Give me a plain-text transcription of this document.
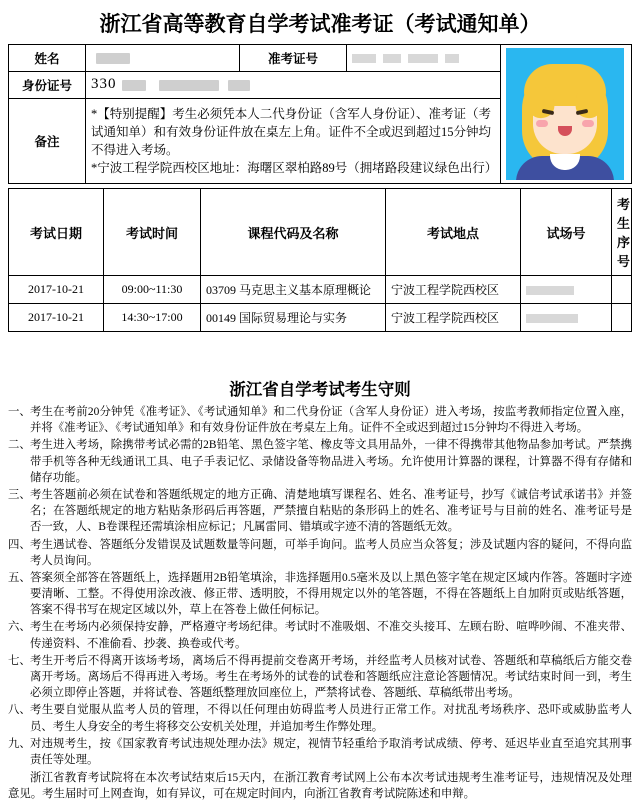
浙江省高等教育自学考试准考证（考试通知单）
姓名	 	准考证号		

身份证号	330			
备注	*【特别提醒】考生必须凭本人二代身份证（含军人身份证）、准考证（考试通知单）和有效身份证件放在桌左上角。证件不全或迟到超过15分钟均不得进入考场。
*宁波工程学院西校区地址：海曙区翠柏路89号（拥堵路段建议绿色出行）			
考试日期	考试时间	课程代码及名称	考试地点	试场号	考生序号
2017-10-21	09:00~11:30	03709 马克思主义基本原理概论	宁波工程学院西校区		
2017-10-21	14:30~17:00	00149 国际贸易理论与实务	宁波工程学院西校区		
浙江省自学考试考生守则
一、 考生在考前20分钟凭《准考证》、《考试通知单》和二代身份证（含军人身份证）进入考场，按监考教师指定位置入座，并将《准考证》、《考试通知单》和有效身份证件放在考桌左上角。证件不全或迟到超过15分钟均不得进入考场。
二、 考生进入考场，除携带考试必需的2B铅笔、黑色签字笔、橡皮等文具用品外，一律不得携带其他物品参加考试。严禁携带手机等各种无线通讯工具、电子手表记忆、录储设备等物品进入考场。允许使用计算器的课程，计算器不得有存储和储存功能。
三、 考生答题前必须在试卷和答题纸规定的地方正确、清楚地填写课程名、姓名、准考证号，抄写《诚信考试承诺书》并签名；在答题纸规定的地方粘贴条形码后再答题，严禁擅自粘贴的条形码上的姓名、准考证号与目前的姓名、准考证号是否一致，人、B卷课程还需填涂相应标记；凡属雷同、错填或字迹不清的答题纸无效。
四、 考生遇试卷、答题纸分发错误及试题数量等问题，可举手询问。监考人员应当众答复；涉及试题内容的疑问，不得向监考人员询问。
五、 答案须全部答在答题纸上，选择题用2B铅笔填涂，非选择题用0.5毫米及以上黑色签字笔在规定区域内作答。答题时字迹要清晰、工整。不得使用涂改液、修正带、透明胶，不得用规定以外的笔答题，不得在答题纸上自加附页或贴纸答题，答案不得书写在规定区域以外，草上在答卷上做任何标记。
六、 考生在考场内必须保持安静，严格遵守考场纪律。考试时不准吸烟、不准交头接耳、左顾右盼、喧哗吵闹、不准夹带、传递资料、不准偷看、抄袭、换卷或代考。
七、 考生开考后不得离开该场考场，离场后不得再提前交卷离开考场，并经监考人员核对试卷、答题纸和草稿纸后方能交卷离开考场。离场后不得再进入考场。考生在考场外的试卷的试卷和答题纸应注意论答题情况。考试结束时间一到，考生必须立即停止答题，并将试卷、答题纸整理放回座位上，严禁将试卷、答题纸、草稿纸带出考场。
八、 考生要自觉服从监考人员的管理，不得以任何理由妨碍监考人员进行正常工作。对扰乱考场秩序、恐吓或威胁监考人员、考生人身安全的考生将移交公安机关处理，并追加考生作弊处理。
九、 对违规考生，按《国家教育考试违规处理办法》规定，视情节轻重给予取消考试成绩、停考、延迟毕业直至追究其刑事责任等处理。
浙江省教育考试院将在本次考试结束后15天内，在浙江教育考试网上公布本次考试违规考生准考证号，违规情况及处理意见。考生届时可上网查询，如有异议，可在规定时间内，向浙江省教育考试院陈述和申辩。
